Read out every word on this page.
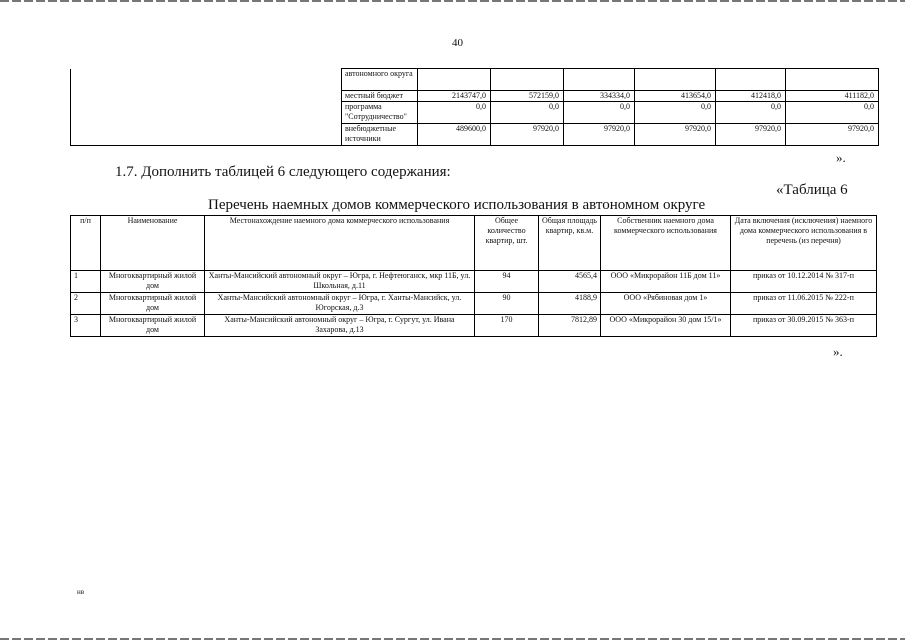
40
	автономного округа						
	местный бюджет	2143747,0	572159,0	334334,0	413654,0	412418,0	411182,0
	программа "Сотрудничество"	0,0	0,0	0,0	0,0	0,0	0,0
	внебюджетные источники	489600,0	97920,0	97920,0	97920,0	97920,0	97920,0
».
1.7. Дополнить таблицей 6 следующего содержания:
«Таблица 6
Перечень наемных домов коммерческого использования в автономном округе
п/п	Наименование	Местонахождение наемного дома коммерческого использования	Общее количество квартир, шт.	Общая площадь квартир, кв.м.	Собственник наемного дома коммерческого использования	Дата включения (исключения) наемного дома коммерческого использования в перечень (из перечня)
1	Многоквартирный жилой дом	Ханты-Мансийский автономный округ – Югра, г. Нефтеюганск, мкр 11Б, ул. Школьная, д.11	94	4565,4	ООО «Микрорайон 11Б дом 11»	приказ от 10.12.2014 № 317-п
2	Многоквартирный жилой дом	Ханты-Мансийский автономный округ – Югра, г. Ханты-Мансийск, ул. Югорская, д.3	90	4188,9	ООО «Рябиновая дом 1»	приказ от 11.06.2015 № 222-п
3	Многоквартирный жилой дом	Ханты-Мансийский автономный округ – Югра, г. Сургут, ул. Ивана Захарова, д.13	170	7812,89	ООО «Микрорайон 30 дом 15/1»	приказ от 30.09.2015 № 363-п
».
нв
